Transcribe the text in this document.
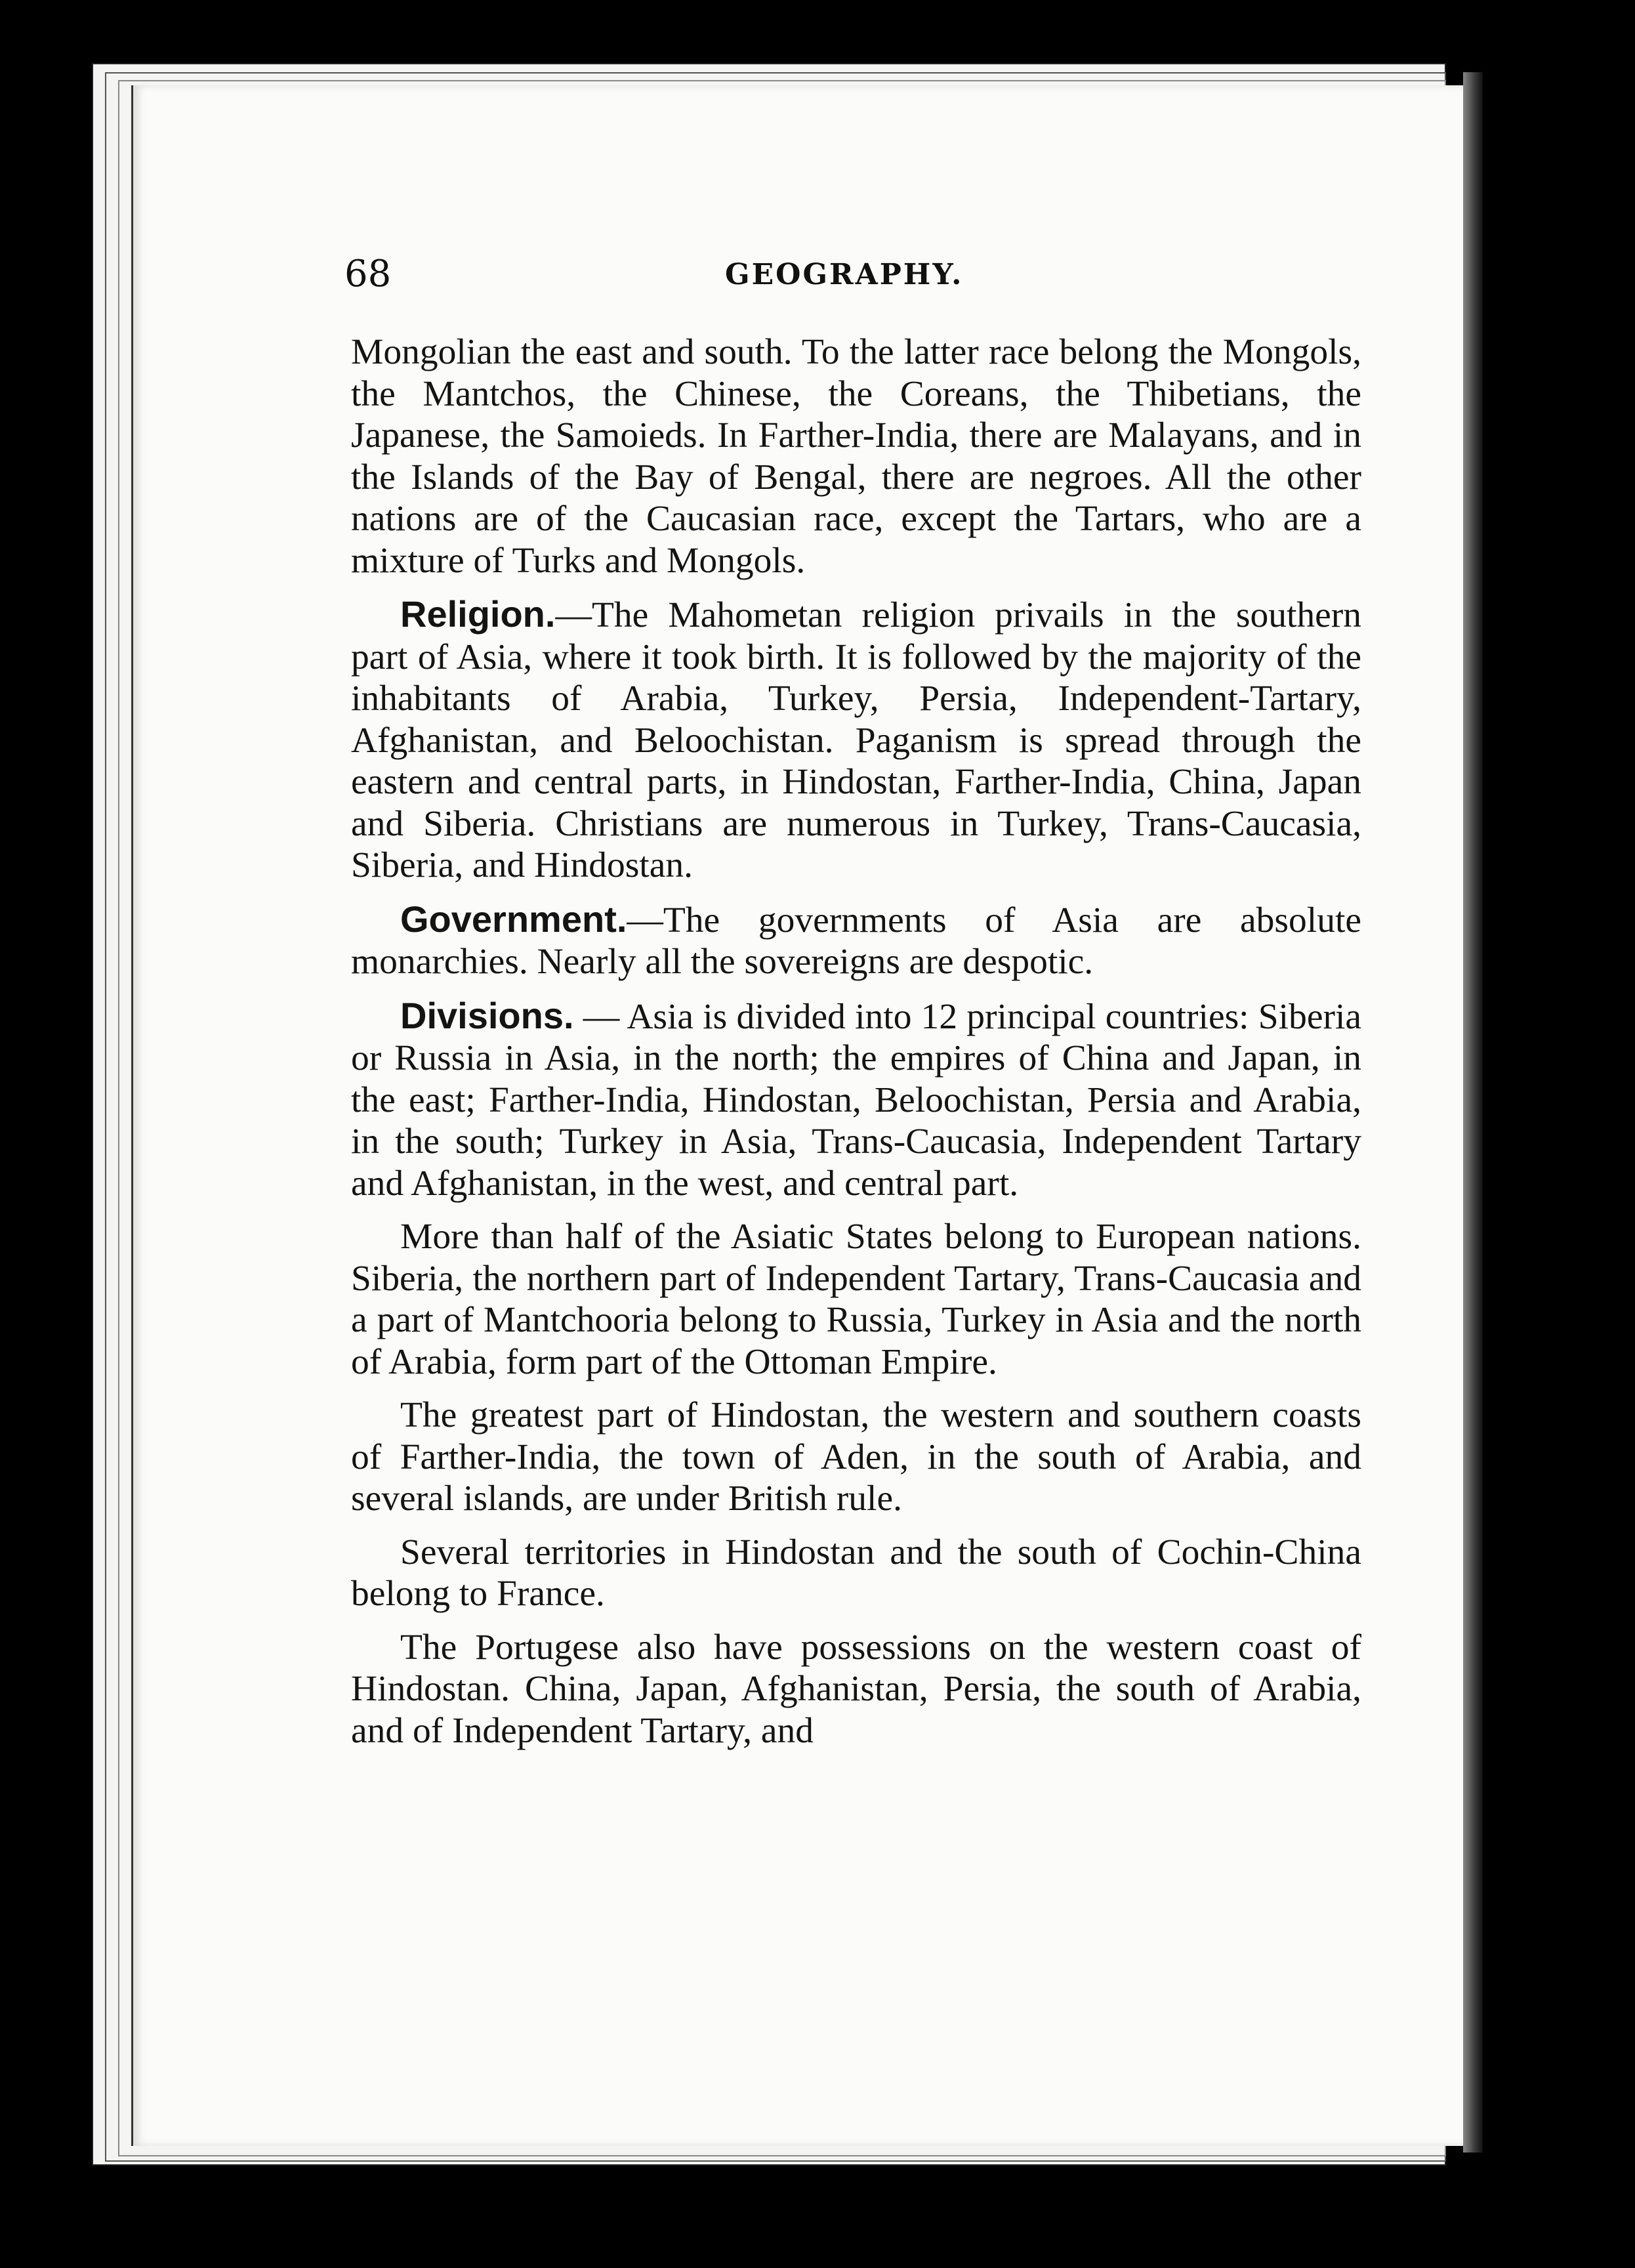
68	GEOGRAPHY.

Mongolian the east and south. To the latter race belong the Mongols, the Mantchos, the Chinese, the Coreans, the Thibetians, the Japanese, the Samoieds. In Farther-India, there are Malayans, and in the Islands of the Bay of Bengal, there are negroes. All the other nations are of the Caucasian race, except the Tartars, who are a mixture of Turks and Mongols.

Religion.—The Mahometan religion privails in the southern part of Asia, where it took birth. It is followed by the majority of the inhabitants of Arabia, Turkey, Persia, Independent-Tartary, Afghanistan, and Beloochistan. Paganism is spread through the eastern and central parts, in Hindostan, Farther-India, China, Japan and Siberia. Christians are numerous in Turkey, Trans-Caucasia, Siberia, and Hindostan.

Government.—The governments of Asia are absolute monarchies. Nearly all the sovereigns are despotic.

Divisions. — Asia is divided into 12 principal countries: Siberia or Russia in Asia, in the north; the empires of China and Japan, in the east; Farther-India, Hindostan, Beloochistan, Persia and Arabia, in the south; Turkey in Asia, Trans-Caucasia, Independent Tartary and Afghanistan, in the west, and central part.

More than half of the Asiatic States belong to European nations. Siberia, the northern part of Independent Tartary, Trans-Caucasia and a part of Mantchooria belong to Russia, Turkey in Asia and the north of Arabia, form part of the Ottoman Empire.

The greatest part of Hindostan, the western and southern coasts of Farther-India, the town of Aden, in the south of Arabia, and several islands, are under British rule.

Several territories in Hindostan and the south of Cochin-China belong to France.

The Portugese also have possessions on the western coast of Hindostan. China, Japan, Afghanistan, Persia, the south of Arabia, and of Independent Tartary, and
